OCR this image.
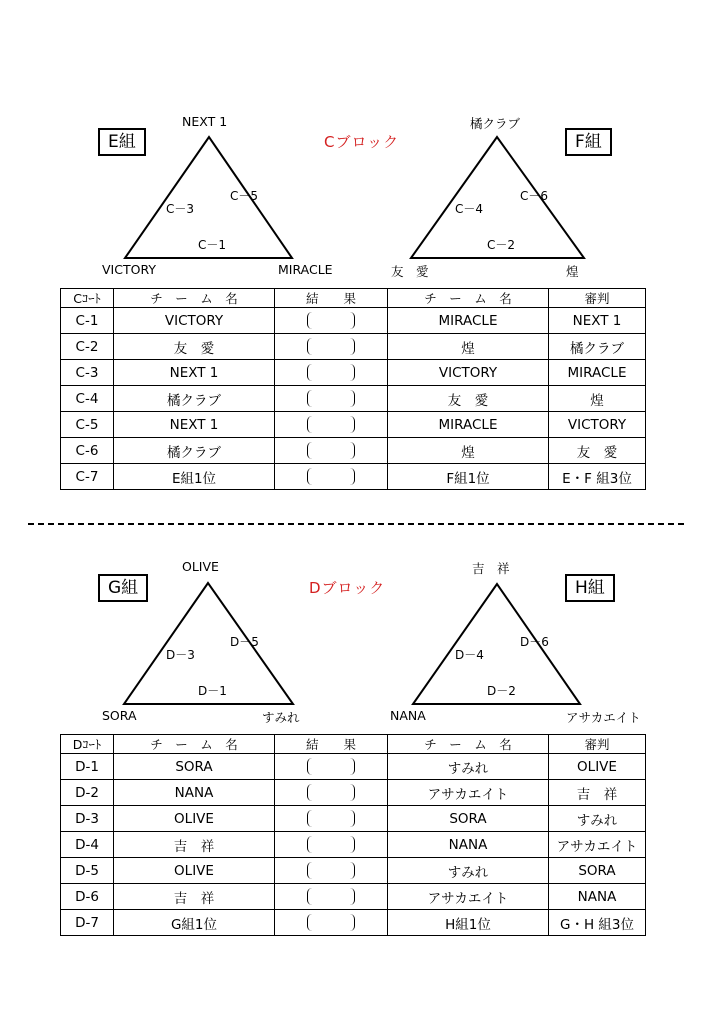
E組	Cブロック	F組
NEXT 1
VICTORY	MIRACLE
C－3
C－5
C－1
橘クラブ
友　愛	煌
C－4
C－6
C－2
Cｺｰﾄ	チ　ー　ム　名	結　　果	チ　ー　ム　名	審判
C-1	VICTORY		MIRACLE	NEXT 1
C-2	友　愛		煌	橘クラブ
C-3	NEXT 1		VICTORY	MIRACLE
C-4	橘クラブ		友　愛	煌
C-5	NEXT 1		MIRACLE	VICTORY
C-6	橘クラブ		煌	友　愛
C-7	E組1位		F組1位	E・F 組3位
G組	Dブロック	H組
OLIVE
SORA	すみれ
D－3
D－5
D－1
吉　祥
NANA	アサカエイト
D－4
D－6
D－2
Dｺｰﾄ	チ　ー　ム　名	結　　果	チ　ー　ム　名	審判
D-1	SORA		すみれ	OLIVE
D-2	NANA		アサカエイト	吉　祥
D-3	OLIVE		SORA	すみれ
D-4	吉　祥		NANA	アサカエイト
D-5	OLIVE		すみれ	SORA
D-6	吉　祥		アサカエイト	NANA
D-7	G組1位		H組1位	G・H 組3位
